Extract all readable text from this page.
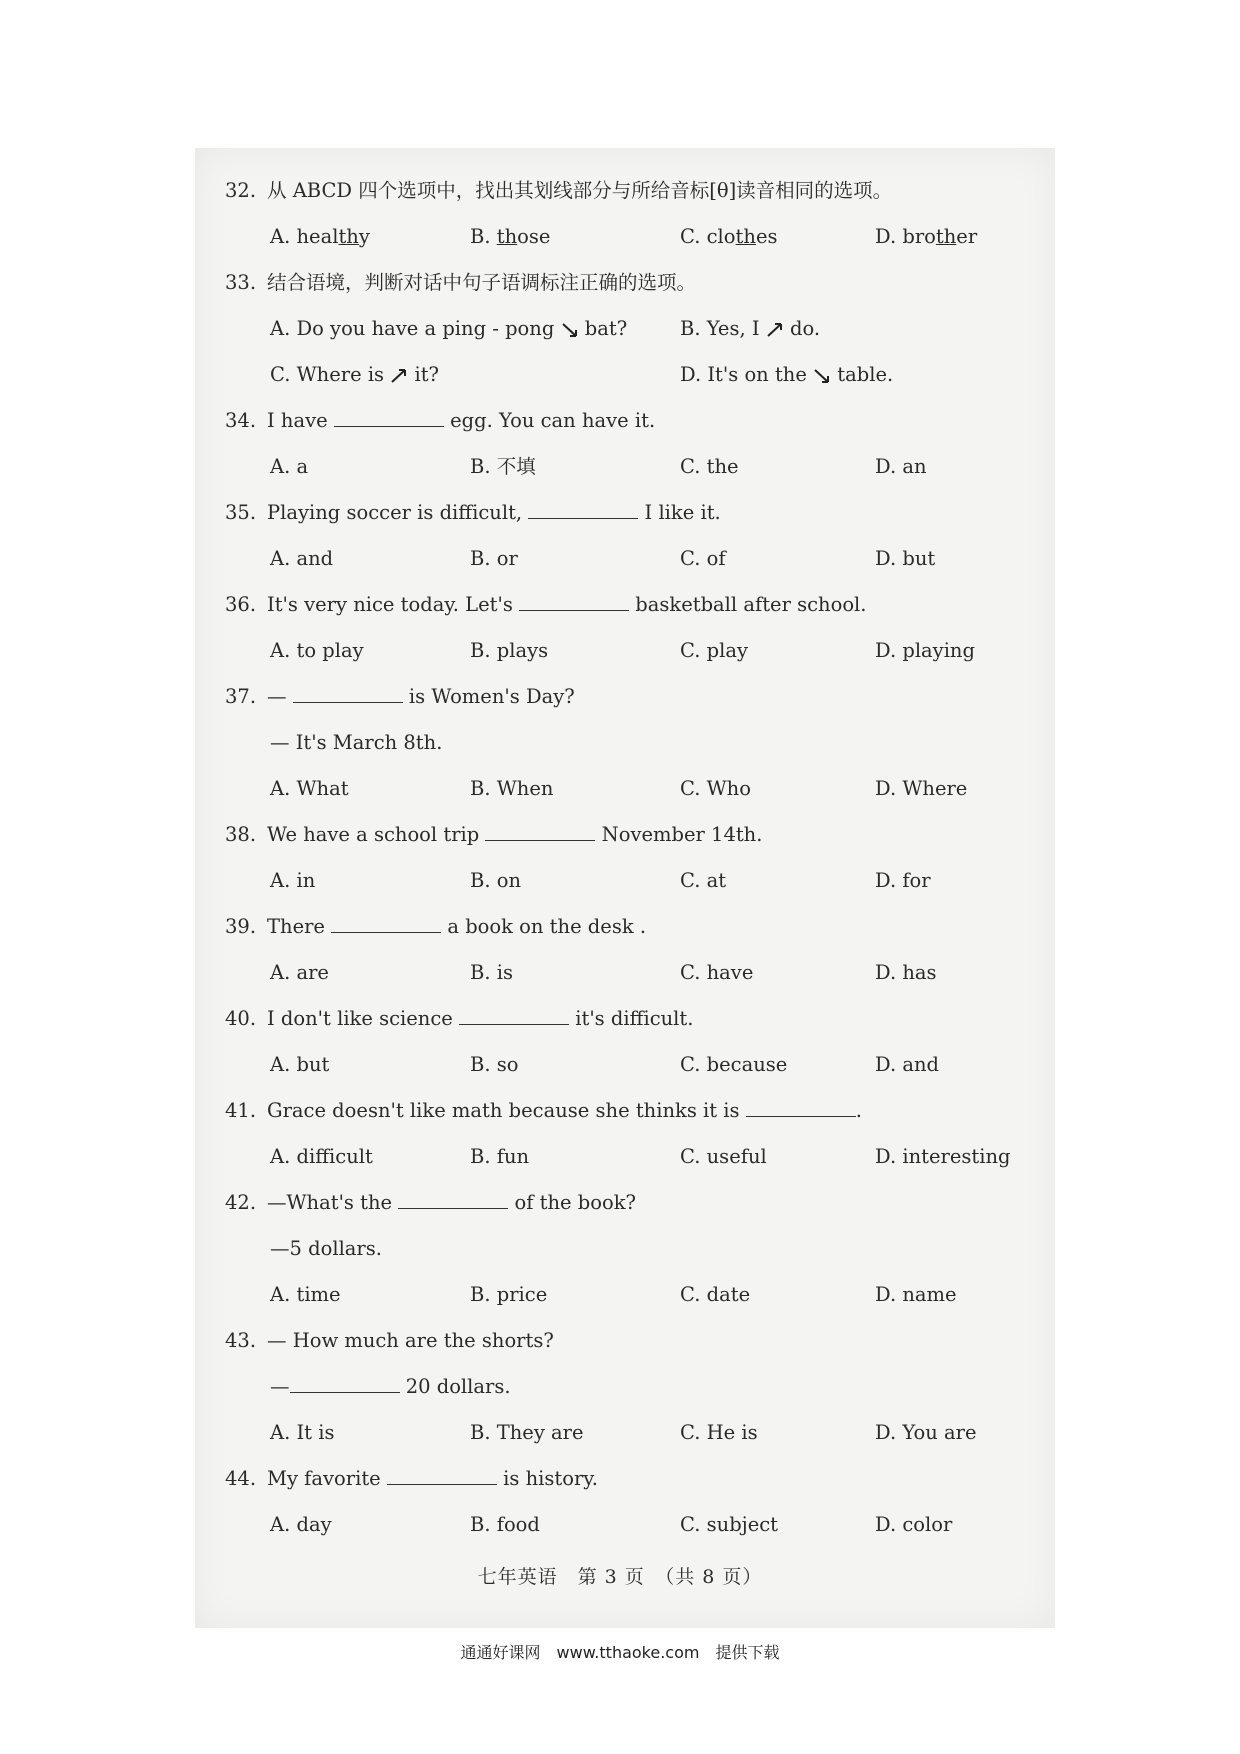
32. 从 ABCD 四个选项中，找出其划线部分与所给音标[θ]读音相同的选项。
A. healthy	B. those	C. clothes	D. brother
33. 结合语境，判断对话中句子语调标注正确的选项。
A. Do you have a ping - pong bat?	B. Yes, I do.
C. Where is it?	D. It's on the table.
34. I have	egg. You can have it.
A. a	B. 不填	C. the	D. an
35. Playing soccer is difficult,	I like it.
A. and	B. or	C. of	D. but
36. It's very nice today. Let's	basketball after school.
A. to play	B. plays	C. play	D. playing
37. —	is Women's Day?
— It's March 8th.
A. What	B. When	C. Who	D. Where
38. We have a school trip	November 14th.
A. in	B. on	C. at	D. for
39. There	a book on the desk .
A. are	B. is	C. have	D. has
40. I don't like science	it's difficult.
A. but	B. so	C. because	D. and
41. Grace doesn't like math because she thinks it is	.
A. difficult	B. fun	C. useful	D. interesting
42. —What's the	of the book?
—5 dollars.
A. time	B. price	C. date	D. name
43. — How much are the shorts?
—	20 dollars.
A. It is	B. They are	C. He is	D. You are
44. My favorite	is history.
A. day	B. food	C. subject	D. color
七年英语　第 3 页　（共 8 页）
通通好课网　www.tthaoke.com　提供下载
